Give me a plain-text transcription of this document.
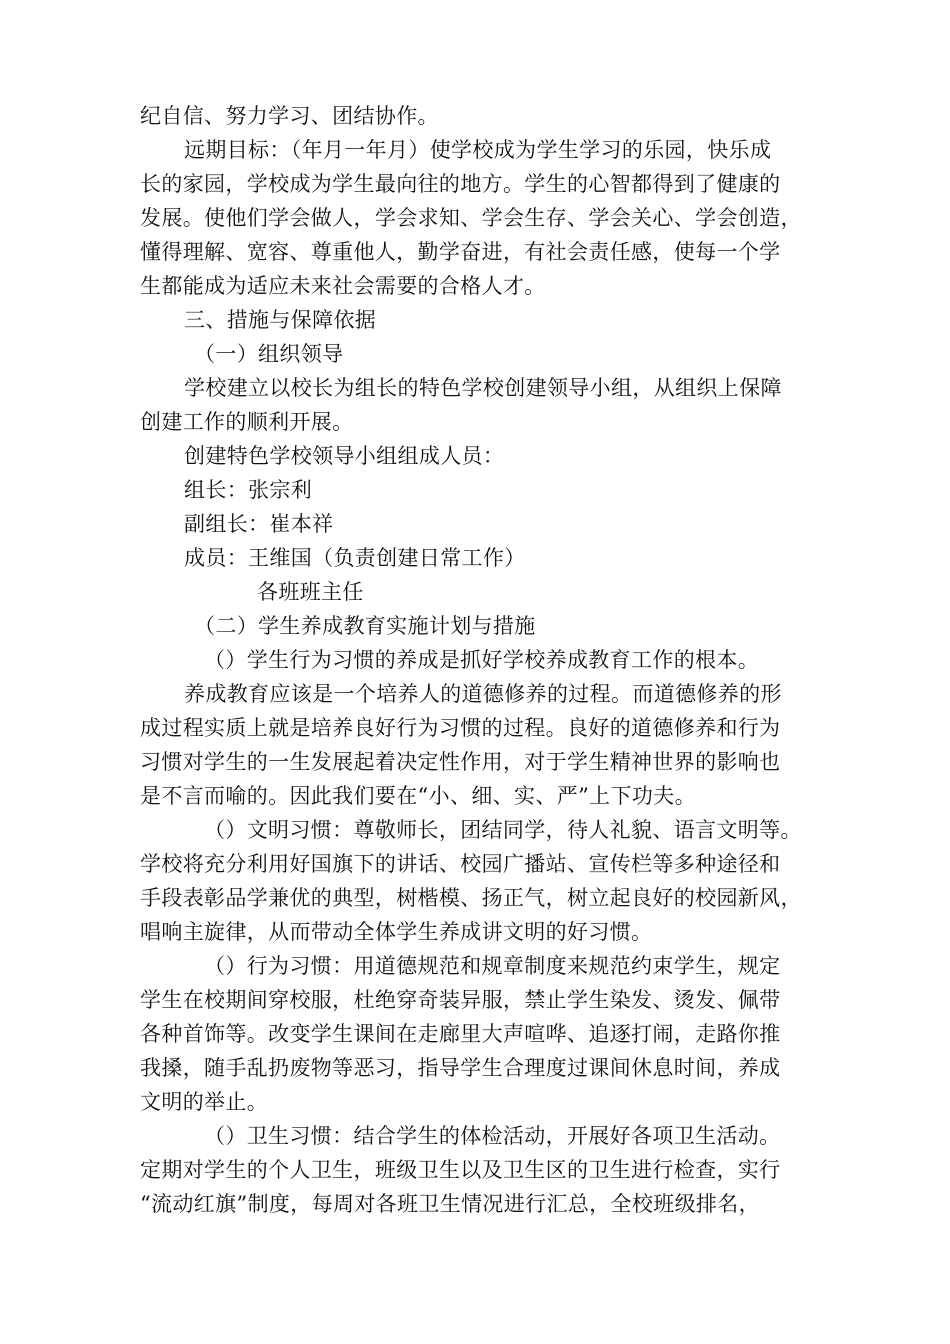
纪自信、努力学习、团结协作。
远期目标：（年月一年月）使学校成为学生学习的乐园，快乐成
长的家园，学校成为学生最向往的地方。学生的心智都得到了健康的
发展。使他们学会做人，学会求知、学会生存、学会关心、学会创造，
懂得理解、宽容、尊重他人，勤学奋进，有社会责任感，使每一个学
生都能成为适应未来社会需要的合格人才。
三、措施与保障依据
（一）组织领导
学校建立以校长为组长的特色学校创建领导小组，从组织上保障
创建工作的顺利开展。
创建特色学校领导小组组成人员：
组长：张宗利
副组长：崔本祥
成员：王维国（负责创建日常工作）
各班班主任
（二）学生养成教育实施计划与措施
（）学生行为习惯的养成是抓好学校养成教育工作的根本。
养成教育应该是一个培养人的道德修养的过程。而道德修养的形
成过程实质上就是培养良好行为习惯的过程。良好的道德修养和行为
习惯对学生的一生发展起着决定性作用，对于学生精神世界的影响也
是不言而喻的。因此我们要在“小、细、实、严”上下功夫。
（）文明习惯：尊敬师长，团结同学，待人礼貌、语言文明等。
学校将充分利用好国旗下的讲话、校园广播站、宣传栏等多种途径和
手段表彰品学兼优的典型，树楷模、扬正气，树立起良好的校园新风，
唱响主旋律，从而带动全体学生养成讲文明的好习惯。
（）行为习惯：用道德规范和规章制度来规范约束学生，规定
学生在校期间穿校服，杜绝穿奇装异服，禁止学生染发、烫发、佩带
各种首饰等。改变学生课间在走廊里大声喧哗、追逐打闹，走路你推
我搡，随手乱扔废物等恶习，指导学生合理度过课间休息时间，养成
文明的举止。
（）卫生习惯：结合学生的体检活动，开展好各项卫生活动。
定期对学生的个人卫生，班级卫生以及卫生区的卫生进行检查，实行
“流动红旗”制度，每周对各班卫生情况进行汇总，全校班级排名，
